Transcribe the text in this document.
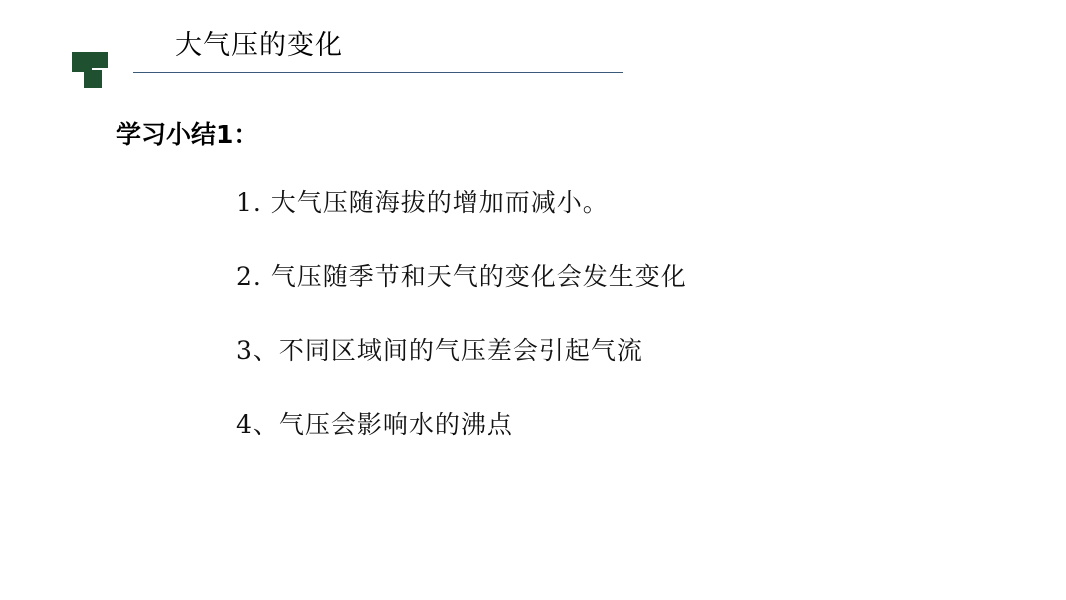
大气压的变化
学习小结1：
1. 大气压随海拔的增加而减小。
2. 气压随季节和天气的变化会发生变化
3、不同区域间的气压差会引起气流
4、气压会影响水的沸点
